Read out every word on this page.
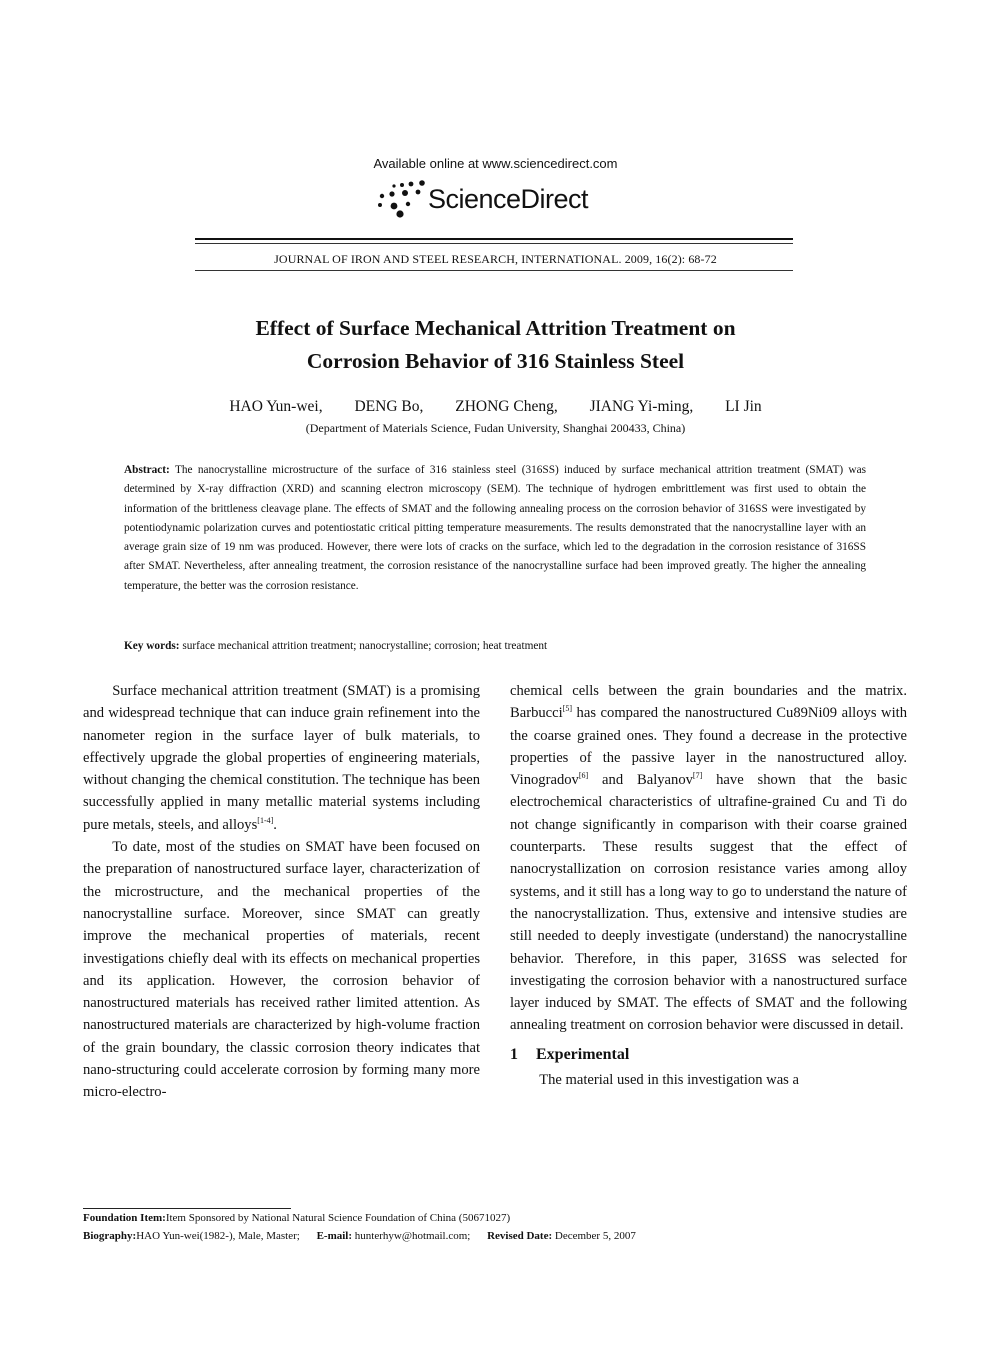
Available online at www.sciencedirect.com
ScienceDirect
JOURNAL OF IRON AND STEEL RESEARCH, INTERNATIONAL. 2009, 16(2): 68-72
Effect of Surface Mechanical Attrition Treatment on
Corrosion Behavior of 316 Stainless Steel
HAO Yun-wei, DENG Bo, ZHONG Cheng, JIANG Yi-ming, LI Jin
(Department of Materials Science, Fudan University, Shanghai 200433, China)
Abstract: The nanocrystalline microstructure of the surface of 316 stainless steel (316SS) induced by surface mechanical attrition treatment (SMAT) was determined by X-ray diffraction (XRD) and scanning electron microscopy (SEM). The technique of hydrogen embrittlement was first used to obtain the information of the brittleness cleavage plane. The effects of SMAT and the following annealing process on the corrosion behavior of 316SS were investigated by potentiodynamic polarization curves and potentiostatic critical pitting temperature measurements. The results demonstrated that the nanocrystalline layer with an average grain size of 19 nm was produced. However, there were lots of cracks on the surface, which led to the degradation in the corrosion resistance of 316SS after SMAT. Nevertheless, after annealing treatment, the corrosion resistance of the nanocrystalline surface had been improved greatly. The higher the annealing temperature, the better was the corrosion resistance.
Key words: surface mechanical attrition treatment; nanocrystalline; corrosion; heat treatment

Surface mechanical attrition treatment (SMAT) is a promising and widespread technique that can induce grain refinement into the nanometer region in the surface layer of bulk materials, to effectively upgrade the global properties of engineering materials, without changing the chemical constitution. The technique has been successfully applied in many metallic material systems including pure metals, steels, and alloys[1-4].

To date, most of the studies on SMAT have been focused on the preparation of nanostructured surface layer, characterization of the microstructure, and the mechanical properties of the nanocrystalline surface. Moreover, since SMAT can greatly improve the mechanical properties of materials, recent investigations chiefly deal with its effects on mechanical properties and its application. However, the corrosion behavior of nanostructured materials has received rather limited attention. As nanostructured materials are characterized by high-volume fraction of the grain boundary, the classic corrosion theory indicates that nano-structuring could accelerate corrosion by forming many more micro-electro-

chemical cells between the grain boundaries and the matrix. Barbucci[5] has compared the nanostructured Cu89Ni09 alloys with the coarse grained ones. They found a decrease in the protective properties of the passive layer in the nanostructured alloy. Vinogradov[6] and Balyanov[7] have shown that the basic electrochemical characteristics of ultrafine-grained Cu and Ti do not change significantly in comparison with their coarse grained counterparts. These results suggest that the effect of nanocrystallization on corrosion resistance varies among alloy systems, and it still has a long way to go to understand the nature of the nanocrystallization. Thus, extensive and intensive studies are still needed to deeply investigate (understand) the nanocrystalline behavior. Therefore, in this paper, 316SS was selected for investigating the corrosion behavior with a nanostructured surface layer induced by SMAT. The effects of SMAT and the following annealing treatment on corrosion behavior were discussed in detail.

1 Experimental

The material used in this investigation was a

Foundation Item:Item Sponsored by National Natural Science Foundation of China (50671027)
Biography:HAO Yun-wei(1982-), Male, Master; E-mail: hunterhyw@hotmail.com; Revised Date: December 5, 2007
